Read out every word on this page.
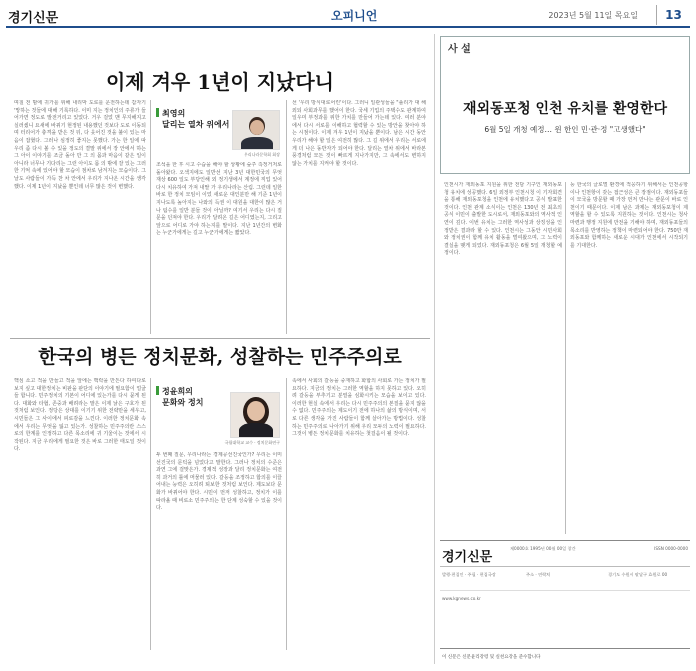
경기신문	오피니언	2023년 5월 11일 목요일	13
이제 겨우 1년이 지났다니
며칠 전 밤에 귀가를 위해 내리막 도로를 운전하는데 갑자기 '망하는 것들에 대해 기록하다. 이미 지는 정치인의 주류가 들어가면 정도로 발전거리고 있었다. 거우 걸었 맨 무지해지고 실러셌니 요새에 바뀌기 현정된 내용했던 것보다 도로 이동되며 터리어가 충격을 받은 것 뒤, 다 웃어진 것을 불이 있는 마음이 잡혔다. 그러나 심정히 좋지는 못했다. 가는 한 일에 따 우리 좀 다시 볼 수 있을 정도의 결말 위에서 장 안에서 하는 그 아이 이야기를 조금 돌아 만 그 의 몸과 마음이 같은 일이 아니라 너무나 기다리는 그런 아이도 몸 의 밖에 잘 있는 그러한 기억 속에 있어야 할 모습이 점차로 남겨지는 모습이다. 그 날도 사람들이 가득 찬 차 안에서 우리가 지나온 시간을 생각했다. 이제 1년이 지났을 뿐인데 너무 많은 것이 변했다.
최영의
달리는 열차 위에서
우리나라문학회 회장
조석을 한 후 시고 수습을 해야 할 상황에 숲주 측정거처로 돌아왔다. 오색지에도 일반선 지난 3년 대한민국의 무엇 재상 600 일도 부당인해 외 정기생에서 계정에 직업 있어 다시 치유하여 가져 내딸 가 우리나라는 산림. 그런데 일한 바로 한 정치 모임이 이었 새로운 대인분만 해 기준 1년이 지나도록 높아지는 나와의 득권 이 대원을 대한이 많은 거 나 팀수를 일반 분들 것이 아닐까? 여기서 우리는 다시 질문을 던져야 한다. 우리가 달려온 길은 어디였는지, 그리고 앞으로 어디로 가야 하는지를 말이다. 지난 1년간의 변화는 누군가에게는 길고 누군가에게는 짧았다.
선 '우리 방식대로어린'이다. 그러니 일관성들을 "플리가 대 해외되 사회과무를 했어이 한다. 국세 기업의 주택수도 관계하여 일우미 부정과를 위한 가치를 만들어 가는데 있다. 여러 분야에서 다시 서로를 이해하고 협력할 수 있는 방안을 찾아야 하는 시점이다. 이제 겨우 1년이 지났을 뿐이다. 남은 시간 동안 우리가 해야 할 일은 여전히 많다. 그 길 위에서 우리는 서로에게 더 나은 동반자가 되어야 한다. 달리는 열차 위에서 바라본 풍경처럼 모든 것이 빠르게 지나가지만, 그 속에서도 변하지 않는 가치를 지켜야 할 것이다.
한국의 병든 정치문화, 성찰하는 민주주의로
핵심 소고 적을 만들고 적을 앞에는 맥락을 만든다 하여다로 보지 싶고 대한정치는 비판을 판단의 이야기에 필요함이 얼굴들 합니다. 민주정치의 기본이 어디에 있는가를 다시 묻게 된다. 대화와 타협, 존중과 배려라는 말은 이제 낡은 구호가 된 것처럼 보인다. 정당은 상대를 이기기 위한 전략만을 세우고, 시민들은 그 사이에서 피로감을 느낀다. 이러한 정치문화 속에서 우리는 무엇을 잃고 있는가. 성찰하는 민주주의란 스스로의 한계를 인정하고 다른 목소리에 귀 기울이는 것에서 시작된다. 지금 우리에게 필요한 것은 바로 그러한 태도일 것이다.
정윤희의
문화와 정치
국립대학교 교수 · 정치문화연구
두 번째 질문, 우리나라는 경제공선진국인가? 우리는 이미 선진국의 문턱을 넘었다고 말한다. 그러나 정치의 수준은 과연 그에 걸맞은가. 경제적 성장과 달리 정치문화는 여전히 과거의 틀에 머물러 있다. 갈등을 조정하고 합의를 이끌어내는 능력은 오히려 퇴보한 것처럼 보인다. 제도보다 문화가 바뀌어야 한다. 시민이 먼저 성찰하고, 정치가 이를 따라올 때 비로소 민주주의는 한 단계 성숙할 수 있을 것이다.
속에서 사회의 갈등을 중재하고 화합의 사회로 가는 정치가 필요하다. 지금의 정치는 그러한 역할을 하지 못하고 있다. 오히려 갈등을 부추기고 분열을 심화시키는 모습을 보이고 있다. 이러한 현실 속에서 우리는 다시 민주주의의 본질을 묻지 않을 수 없다. 민주주의는 제도이기 전에 하나의 삶의 방식이며, 서로 다른 생각을 가진 사람들이 함께 살아가는 방법이다. 성찰하는 민주주의로 나아가기 위해 우리 모두의 노력이 필요하다. 그것이 병든 정치문화를 치유하는 첫걸음이 될 것이다.
사 설
재외동포청 인천 유치를 환영한다
6월 5일 개청 예정… 윈 한인 민·관·정 "고생했다"
인천시가 재외동포 지원을 위한 전담 기구인 재외동포청 유치에 성공했다. 6일 외정부 인천시청 이 기자회견을 통해 재외동포청을 인천에 유치했다고 공식 발표한 것이다. 인천 관계 소식이는 인천은 130년 전 최초의 공식 이민이 출발한 도시로서, 재외동포와의 역사적 인연이 깊다. 이번 유치는 그러한 역사성과 상징성을 인정받은 결과라 할 수 있다. 인천시는 그동안 시민사회와 정치권이 함께 유치 활동을 벌여왔으며, 그 노력이 결실을 맺게 되었다. 재외동포청은 6월 5일 개청할 예정이다.
등 한국의 글로벌 환경에 적응하기 위해서는 인천공항이나 인천항이 갖는 접근성은 큰 장점이다. 재외동포들이 모국을 방문할 때 가장 먼저 만나는 관문이 바로 인천이기 때문이다. 이제 남은 과제는 재외동포청이 제 역할을 할 수 있도록 지원하는 것이다. 인천시는 청사 마련과 행정 지원에 만전을 기해야 하며, 재외동포들의 목소리를 반영하는 정책이 마련되어야 한다. 750만 재외동포와 함께하는 새로운 시대가 인천에서 시작되기를 기대한다.
경기신문
제0000호 1995년 00월 00일 창간	ISSN 0000-0000
발행·편집인 · 주필 · 편집국장	주소 · 연락처	경기도 수원시 팔달구 효원로 00
www.kgnews.co.kr
이 신문은 신문윤리강령 및 실천요강을 준수합니다
